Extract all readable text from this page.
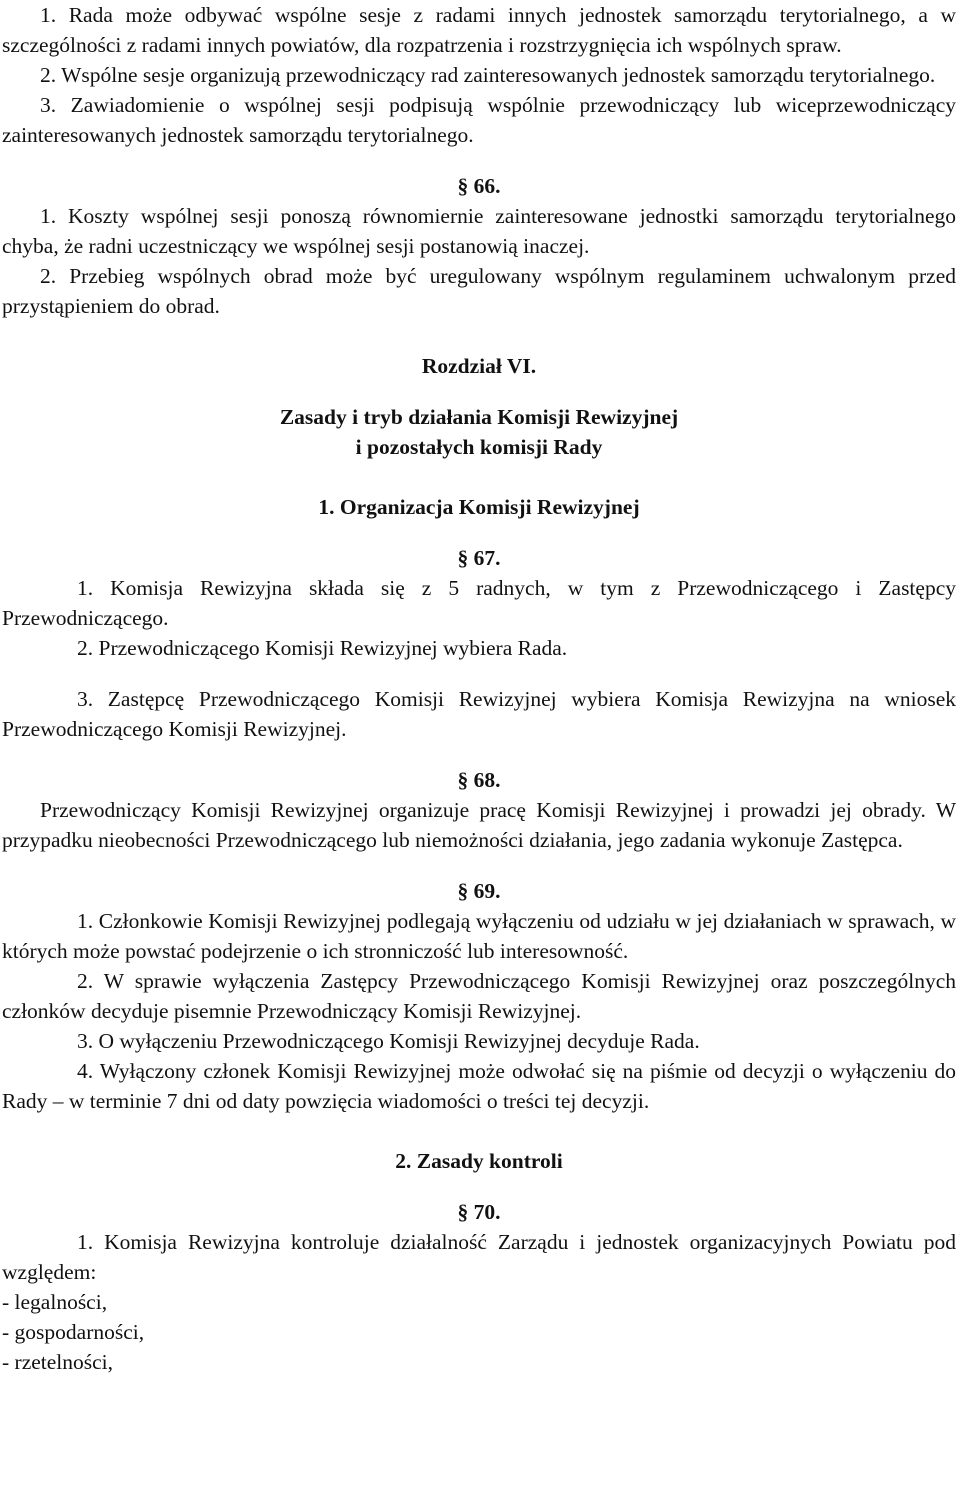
1. Rada może odbywać wspólne sesje z radami innych jednostek samorządu terytorialnego, a w szczególności z radami innych powiatów, dla rozpatrzenia i rozstrzygnięcia ich wspólnych spraw.

2. Wspólne sesje organizują przewodniczący rad zainteresowanych jednostek samorządu terytorialnego.

3. Zawiadomienie o wspólnej sesji podpisują wspólnie przewodniczący lub wiceprzewodniczący zainteresowanych jednostek samorządu terytorialnego.

§ 66.

1. Koszty wspólnej sesji ponoszą równomiernie zainteresowane jednostki samorządu terytorialnego chyba, że radni uczestniczący we wspólnej sesji postanowią inaczej.

2. Przebieg wspólnych obrad może być uregulowany wspólnym regulaminem uchwalonym przed przystąpieniem do obrad.

Rozdział VI.

Zasady i tryb działania Komisji Rewizyjnej

i pozostałych komisji Rady

1. Organizacja Komisji Rewizyjnej

§ 67.

1. Komisja Rewizyjna składa się z 5 radnych, w tym z Przewodniczącego i Zastępcy Przewodniczącego.

2. Przewodniczącego Komisji Rewizyjnej wybiera Rada.

3. Zastępcę Przewodniczącego Komisji Rewizyjnej wybiera Komisja Rewizyjna na wniosek Przewodniczącego Komisji Rewizyjnej.

§ 68.

Przewodniczący Komisji Rewizyjnej organizuje pracę Komisji Rewizyjnej i prowadzi jej obrady. W przypadku nieobecności Przewodniczącego lub niemożności działania, jego zadania wykonuje Zastępca.

§ 69.

1. Członkowie Komisji Rewizyjnej podlegają wyłączeniu od udziału w jej działaniach w sprawach, w których może powstać podejrzenie o ich stronniczość lub interesowność.

2. W sprawie wyłączenia Zastępcy Przewodniczącego Komisji Rewizyjnej oraz poszczególnych członków decyduje pisemnie Przewodniczący Komisji Rewizyjnej.

3. O wyłączeniu Przewodniczącego Komisji Rewizyjnej decyduje Rada.

4. Wyłączony członek Komisji Rewizyjnej może odwołać się na piśmie od decyzji o wyłączeniu do Rady – w terminie 7 dni od daty powzięcia wiadomości o treści tej decyzji.

2. Zasady kontroli

§ 70.

1. Komisja Rewizyjna kontroluje działalność Zarządu i jednostek organizacyjnych Powiatu pod względem:

- legalności,

- gospodarności,

- rzetelności,
